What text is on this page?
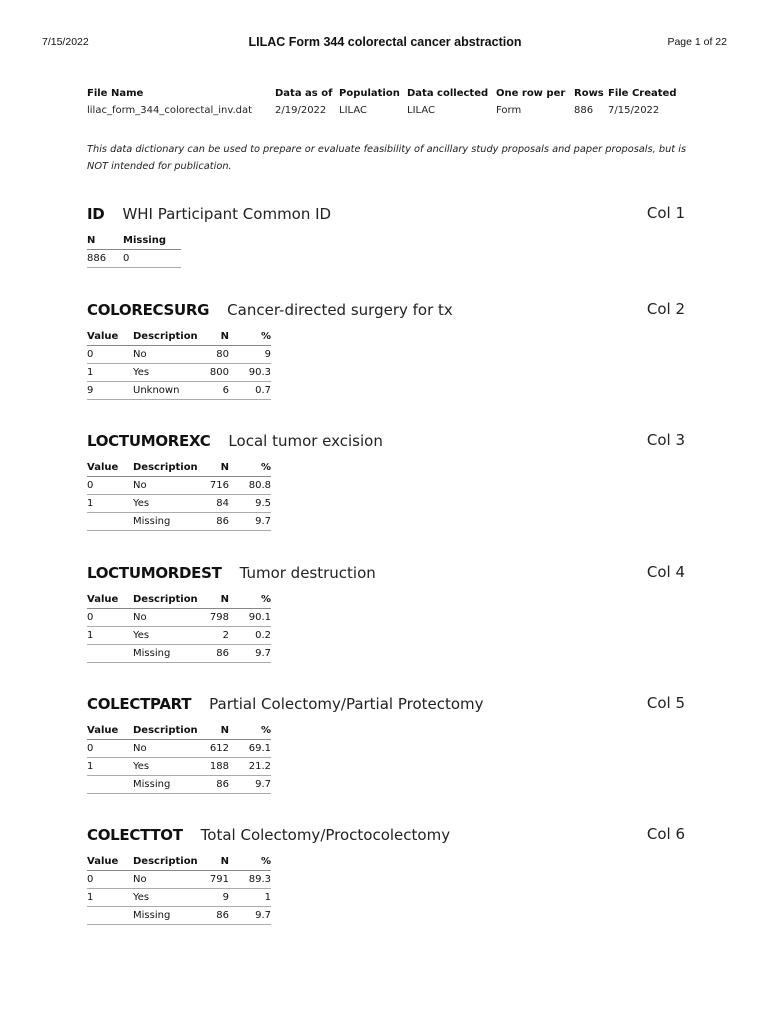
7/15/2022	LILAC Form 344 colorectal cancer abstraction	Page 1 of 22
File Name	Data as of	Population	Data collected	One row per	Rows	File Created
lilac_form_344_colorectal_inv.dat	2/19/2022	LILAC	LILAC	Form	886	7/15/2022
This data dictionary can be used to prepare or evaluate feasibility of ancillary study proposals and paper proposals, but is NOT intended for publication.
ID WHI Participant Common ID	Col 1
N	Missing
886	0
COLORECSURG Cancer-directed surgery for tx	Col 2
Value	Description	N	%
0	No	80	9
1	Yes	800	90.3
9	Unknown	6	0.7
LOCTUMOREXC Local tumor excision	Col 3
Value	Description	N	%
0	No	716	80.8
1	Yes	84	9.5
	Missing	86	9.7
LOCTUMORDEST Tumor destruction	Col 4
Value	Description	N	%
0	No	798	90.1
1	Yes	2	0.2
	Missing	86	9.7
COLECTPART Partial Colectomy/Partial Protectomy	Col 5
Value	Description	N	%
0	No	612	69.1
1	Yes	188	21.2
	Missing	86	9.7
COLECTTOT Total Colectomy/Proctocolectomy	Col 6
Value	Description	N	%
0	No	791	89.3
1	Yes	9	1
	Missing	86	9.7
